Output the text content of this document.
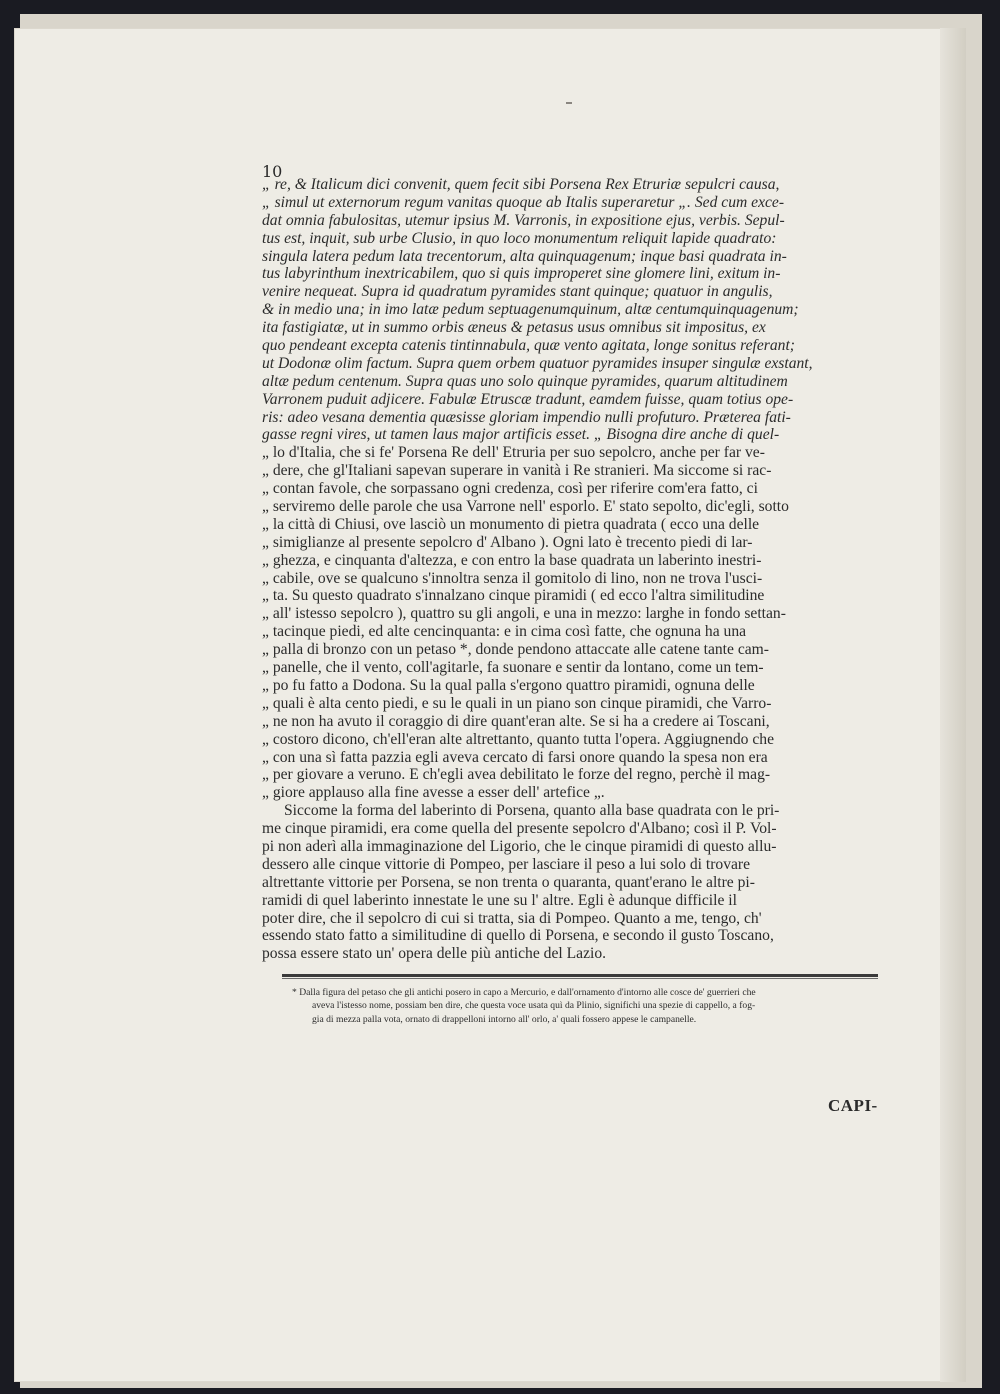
10
„ re, & Italicum dici convenit, quem fecit sibi Porsena Rex Etruriæ sepulcri causa,
„ simul ut externorum regum vanitas quoque ab Italis superaretur „. Sed cum exce-
dat omnia fabulositas, utemur ipsius M. Varronis, in expositione ejus, verbis. Sepul-
tus est, inquit, sub urbe Clusio, in quo loco monumentum reliquit lapide quadrato:
singula latera pedum lata trecentorum, alta quinquagenum; inque basi quadrata in-
tus labyrinthum inextricabilem, quo si quis improperet sine glomere lini, exitum in-
venire nequeat. Supra id quadratum pyramides stant quinque; quatuor in angulis,
& in medio una; in imo latæ pedum septuagenumquinum, altæ centumquinquagenum;
ita fastigiatæ, ut in summo orbis æneus & petasus usus omnibus sit impositus, ex
quo pendeant excepta catenis tintinnabula, quæ vento agitata, longe sonitus referant;
ut Dodonæ olim factum. Supra quem orbem quatuor pyramides insuper singulæ exstant,
altæ pedum centenum. Supra quas uno solo quinque pyramides, quarum altitudinem
Varronem puduit adjicere. Fabulæ Etruscæ tradunt, eamdem fuisse, quam totius ope-
ris: adeo vesana dementia quæsisse gloriam impendio nulli profuturo. Præterea fati-
gasse regni vires, ut tamen laus major artificis esset. „ Bisogna dire anche di quel-
„ lo d'Italia, che si fe' Porsena Re dell' Etruria per suo sepolcro, anche per far ve-
„ dere, che gl'Italiani sapevan superare in vanità i Re stranieri. Ma siccome si rac-
„ contan favole, che sorpassano ogni credenza, così per riferire com'era fatto, ci
„ serviremo delle parole che usa Varrone nell' esporlo. E' stato sepolto, dic'egli, sotto
„ la città di Chiusi, ove lasciò un monumento di pietra quadrata ( ecco una delle
„ simiglianze al presente sepolcro d' Albano ). Ogni lato è trecento piedi di lar-
„ ghezza, e cinquanta d'altezza, e con entro la base quadrata un laberinto inestri-
„ cabile, ove se qualcuno s'innoltra senza il gomitolo di lino, non ne trova l'usci-
„ ta. Su questo quadrato s'innalzano cinque piramidi ( ed ecco l'altra similitudine
„ all' istesso sepolcro ), quattro su gli angoli, e una in mezzo: larghe in fondo settan-
„ tacinque piedi, ed alte cencinquanta: e in cima così fatte, che ognuna ha una
„ palla di bronzo con un petaso *, donde pendono attaccate alle catene tante cam-
„ panelle, che il vento, coll'agitarle, fa suonare e sentir da lontano, come un tem-
„ po fu fatto a Dodona. Su la qual palla s'ergono quattro piramidi, ognuna delle
„ quali è alta cento piedi, e su le quali in un piano son cinque piramidi, che Varro-
„ ne non ha avuto il coraggio di dire quant'eran alte. Se si ha a credere ai Toscani,
„ costoro dicono, ch'ell'eran alte altrettanto, quanto tutta l'opera. Aggiugnendo che
„ con una sì fatta pazzia egli aveva cercato di farsi onore quando la spesa non era
„ per giovare a veruno. E ch'egli avea debilitato le forze del regno, perchè il mag-
„ giore applauso alla fine avesse a esser dell' artefice „.
Siccome la forma del laberinto di Porsena, quanto alla base quadrata con le pri-
me cinque piramidi, era come quella del presente sepolcro d'Albano; così il P. Vol-
pi non aderì alla immaginazione del Ligorio, che le cinque piramidi di questo allu-
dessero alle cinque vittorie di Pompeo, per lasciare il peso a lui solo di trovare
altrettante vittorie per Porsena, se non trenta o quaranta, quant'erano le altre pi-
ramidi di quel laberinto innestate le une su l' altre. Egli è adunque difficile il
poter dire, che il sepolcro di cui si tratta, sia di Pompeo. Quanto a me, tengo, ch'
essendo stato fatto a similitudine di quello di Porsena, e secondo il gusto Toscano,
possa essere stato un' opera delle più antiche del Lazio.
* Dalla figura del petaso che gli antichi posero in capo a Mercurio, e dall'ornamento d'intorno alle cosce de' guerrieri che
aveva l'istesso nome, possiam ben dire, che questa voce usata quì da Plinio, significhi una spezie di cappello, a fog-
gia di mezza palla vota, ornato di drappelloni intorno all' orlo, a' quali fossero appese le campanelle.
CAPI-
